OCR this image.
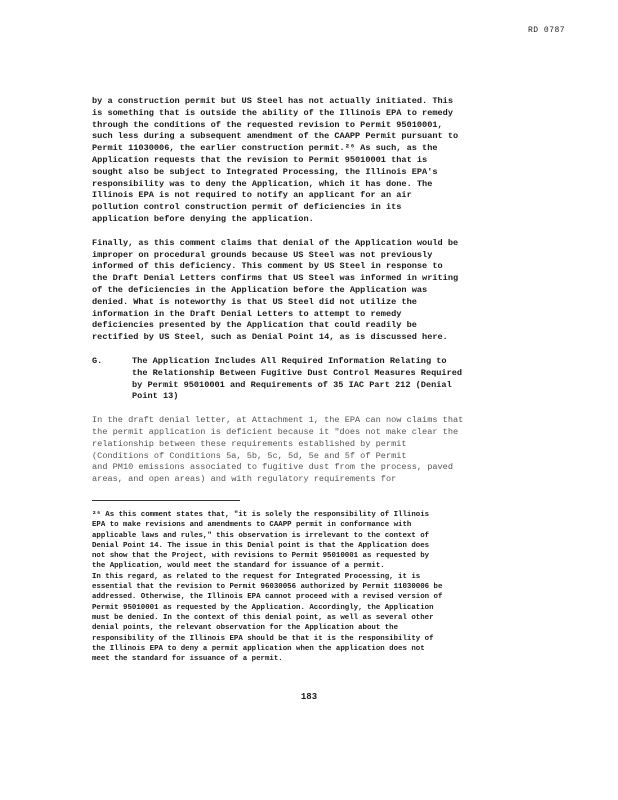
RD 0787

by a construction permit but US Steel has not actually initiated. This
is something that is outside the ability of the Illinois EPA to remedy
through the conditions of the requested revision to Permit 95010001,
such less during a subsequent amendment of the CAAPP Permit pursuant to
Permit 11030006, the earlier construction permit.²⁶ As such, as the
Application requests that the revision to Permit 95010001 that is
sought also be subject to Integrated Processing, the Illinois EPA's
responsibility was to deny the Application, which it has done. The
Illinois EPA is not required to notify an applicant for an air
pollution control construction permit of deficiencies in its
application before denying the application.

Finally, as this comment claims that denial of the Application would be
improper on procedural grounds because US Steel was not previously
informed of this deficiency. This comment by US Steel in response to
the Draft Denial Letters confirms that US Steel was informed in writing
of the deficiencies in the Application before the Application was
denied. What is noteworthy is that US Steel did not utilize the
information in the Draft Denial Letters to attempt to remedy
deficiencies presented by the Application that could readily be
rectified by US Steel, such as Denial Point 14, as is discussed here.

G.	The Application Includes All Required Information Relating to
the Relationship Between Fugitive Dust Control Measures Required
by Permit 95010001 and Requirements of 35 IAC Part 212 (Denial
Point 13)

In the draft denial letter, at Attachment 1, the EPA can now claims that
the permit application is deficient because it "does not make clear the
relationship between these requirements established by permit
(Conditions of Conditions 5a, 5b, 5c, 5d, 5e and 5f of Permit
and PM10 emissions associated to fugitive dust from the process, paved
areas, and open areas) and with regulatory requirements for

²⁶ As this comment states that, "it is solely the responsibility of Illinois
EPA to make revisions and amendments to CAAPP permit in conformance with
applicable laws and rules," this observation is irrelevant to the context of
Denial Point 14. The issue in this Denial point is that the Application does
not show that the Project, with revisions to Permit 95010001 as requested by
the Application, would meet the standard for issuance of a permit.
In this regard, as related to the request for Integrated Processing, it is
essential that the revision to Permit 96030056 authorized by Permit 11030006 be
addressed. Otherwise, the Illinois EPA cannot proceed with a revised version of
Permit 95010001 as requested by the Application. Accordingly, the Application
must be denied. In the context of this denial point, as well as several other
denial points, the relevant observation for the Application about the
responsibility of the Illinois EPA should be that it is the responsibility of
the Illinois EPA to deny a permit application when the application does not
meet the standard for issuance of a permit.
183
